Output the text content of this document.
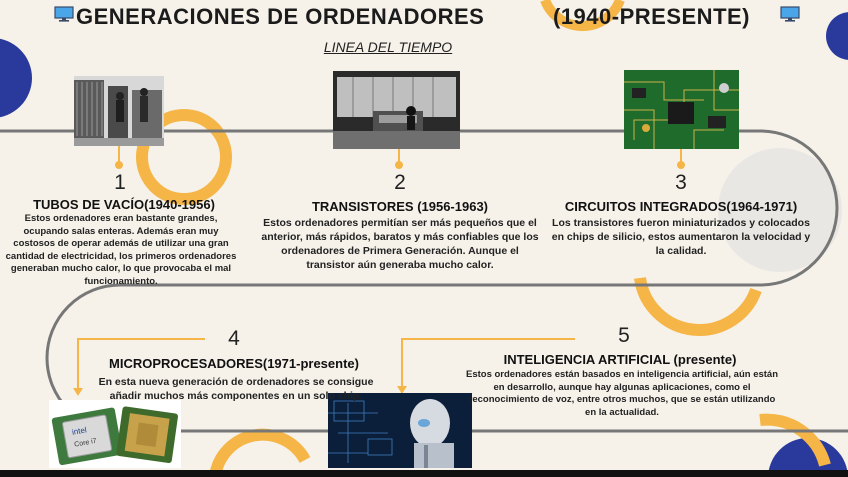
GENERACIONES DE ORDENADORES	(1940-PRESENTE)
LINEA DEL TIEMPO
intel
Core i7
1
TUBOS DE VACÍO(1940-1956)
Estos ordenadores eran bastante grandes, ocupando salas enteras. Además eran muy costosos de operar además de utilizar una gran cantidad de electricidad, los primeros ordenadores generaban mucho calor, lo que provocaba el mal funcionamiento.
2
TRANSISTORES (1956-1963)
Estos ordenadores permitían ser más pequeños que el anterior, más rápidos, baratos y más confiables que los ordenadores de Primera Generación. Aunque el transistor aún generaba mucho calor.
3
CIRCUITOS INTEGRADOS(1964-1971)
Los transistores fueron miniaturizados y colocados en chips de silicio, estos aumentaron la velocidad y la calidad.
4
MICROPROCESADORES(1971-presente)
En esta nueva generación de ordenadores se consigue añadir muchos más componentes en un solo chip.
5
INTELIGENCIA ARTIFICIAL (presente)
Estos ordenadores están basados en inteligencia artificial, aún están en desarrollo, aunque hay algunas aplicaciones, como el reconocimiento de voz, entre otros muchos, que se están utilizando en la actualidad.
